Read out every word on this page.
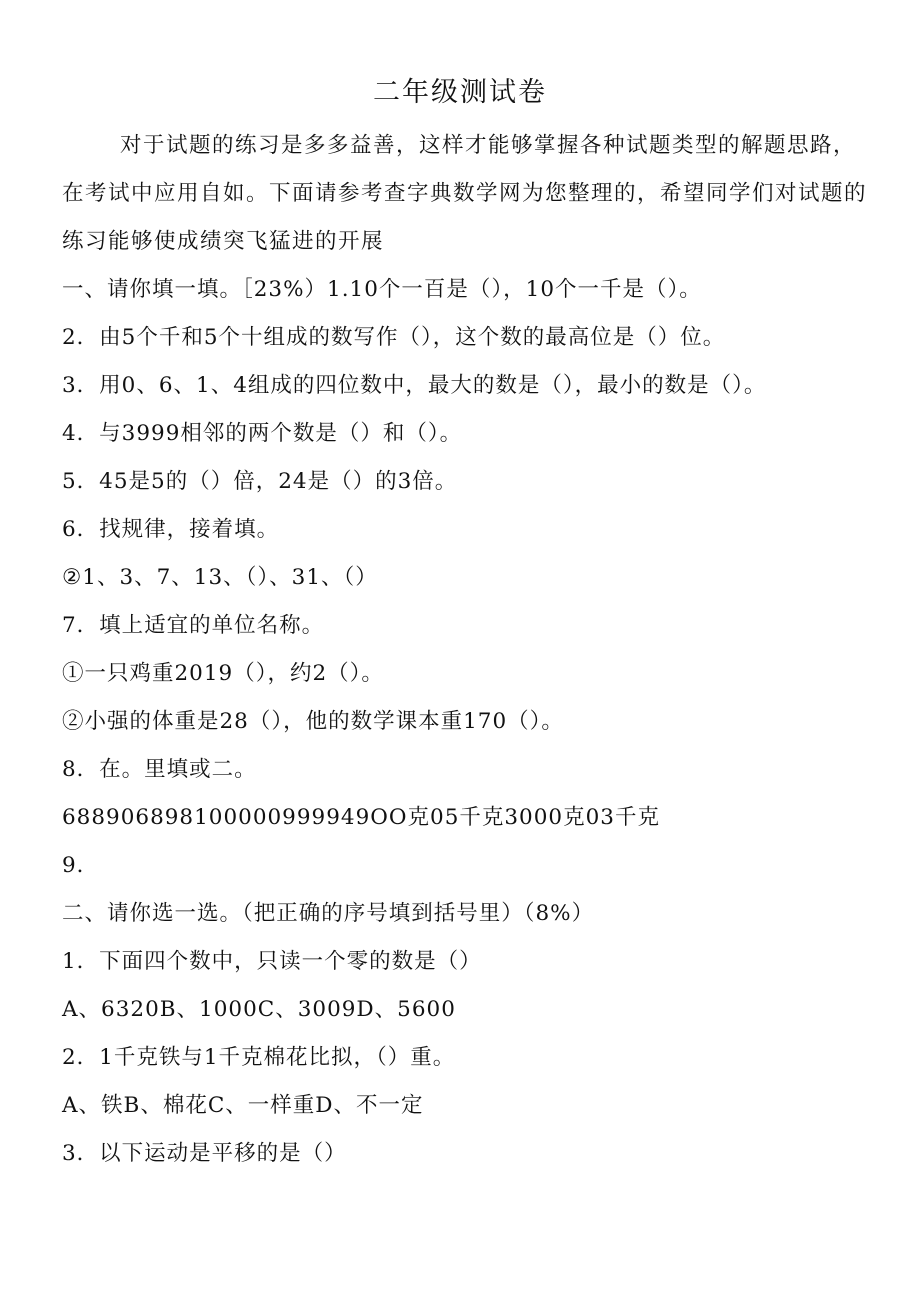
二年级测试卷
对于试题的练习是多多益善，这样才能够掌握各种试题类型的解题思路，
在考试中应用自如。下面请参考查字典数学网为您整理的，希望同学们对试题的
练习能够使成绩突飞猛进的开展
一、请你填一填。［23%）1.10个一百是（），10个一千是（）。
2．由5个千和5个十组成的数写作（），这个数的最高位是（）位。
3．用0、6、1、4组成的四位数中，最大的数是（），最小的数是（）。
4．与3999相邻的两个数是（）和（）。
5．45是5的（）倍，24是（）的3倍。
6．找规律，接着填。
②1、3、7、13、（）、31、（）
7．填上适宜的单位名称。
①一只鸡重2019（），约2（）。
②小强的体重是28（），他的数学课本重170（）。
8．在。里填或二。
688906898100000999949OO克05千克3000克03千克
9．
二、请你选一选。（把正确的序号填到括号里）（8%）
1．下面四个数中，只读一个零的数是（）
A、6320B、1000C、3009D、5600
2．1千克铁与1千克棉花比拟，（）重。
A、铁B、棉花C、一样重D、不一定
3．以下运动是平移的是（）
